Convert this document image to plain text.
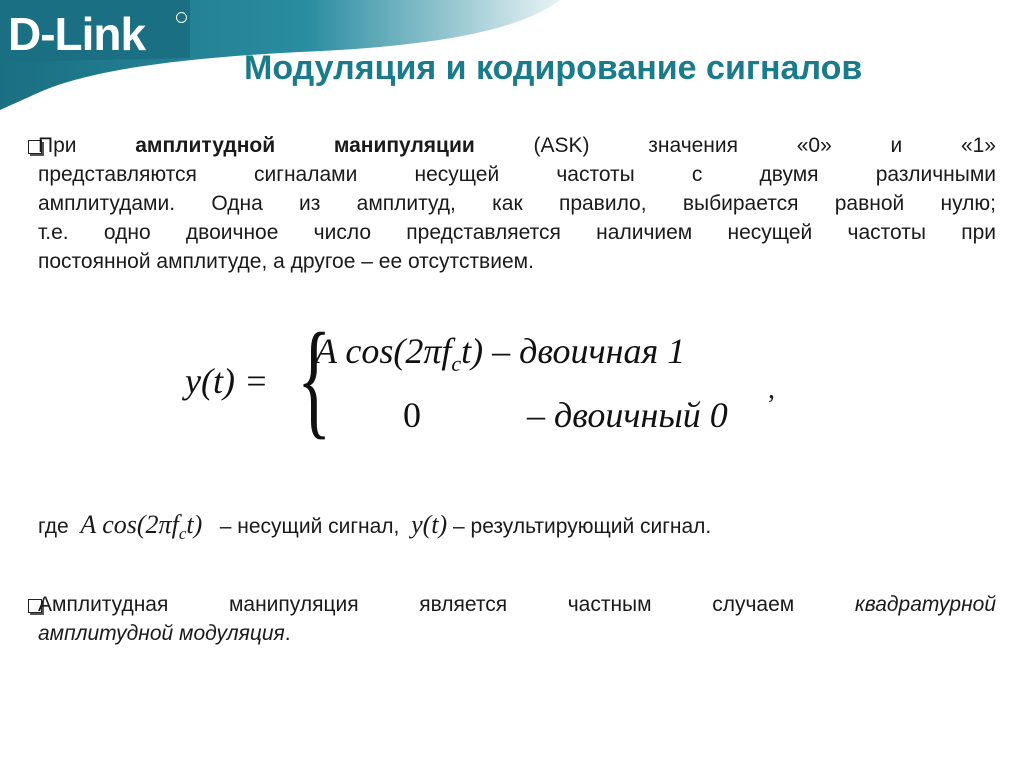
D-Link
Модуляция и кодирование сигналов
При	амплитудной манипуляции	(ASK) значения «0» и «1»
представляются сигналами несущей частоты с двумя различными
амплитудами. Одна из амплитуд, как правило, выбирается равной нулю;
т.е. одно двоичное число представляется наличием несущей частоты при
постоянной амплитуде, а другое – ее отсутствием.
y(t) = {
A $\cos(2\pi f_ct)$ – двоичная 1
0	– двоичный 0
,
где A $\cos(2\pi f_ct)$ – несущий сигнал, y(t) – результирующий сигнал.
Амплитудная манипуляция является частным случаем	квадратурной
амплитудной модуляция.
